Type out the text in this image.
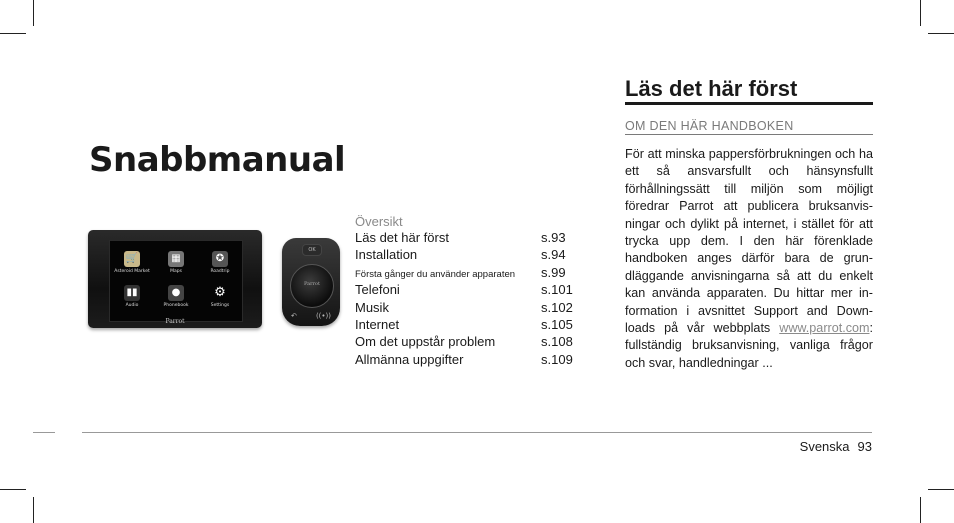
Snabbmanual
🛒
Asteroid Market
▦
Maps
✪
Roadtrip
▮▮
Audio
●
Phonebook
⚙
Settings
Parrot
OK
Parrot
↶	((•))
Översikt
Läs det här först	s.93
Installation	s.94
Första gånger du använder apparaten s.99
Telefoni	s.101
Musik	s.102
Internet	s.105
Om det uppstår problem	s.108
Allmänna uppgifter	s.109
Läs det här först
OM DEN HÄR HANDBOKEN
För att minska pappersförbrukningen och ha ett så ansvarsfullt och hänsynsfullt förhållningssätt till miljön som möjligt föredrar Parrot att publicera bruksanvis-ningar och dylikt på internet, i stället för att trycka upp dem. I den här förenklade handboken anges därför bara de grun-dläggande anvisningarna så att du enkelt kan använda apparaten. Du hittar mer in-formation i avsnittet Support and Down-loads på vår webbplats www.parrot.com: fullständig bruksanvisning, vanliga frågor och svar, handledningar ...
Svenska 93
